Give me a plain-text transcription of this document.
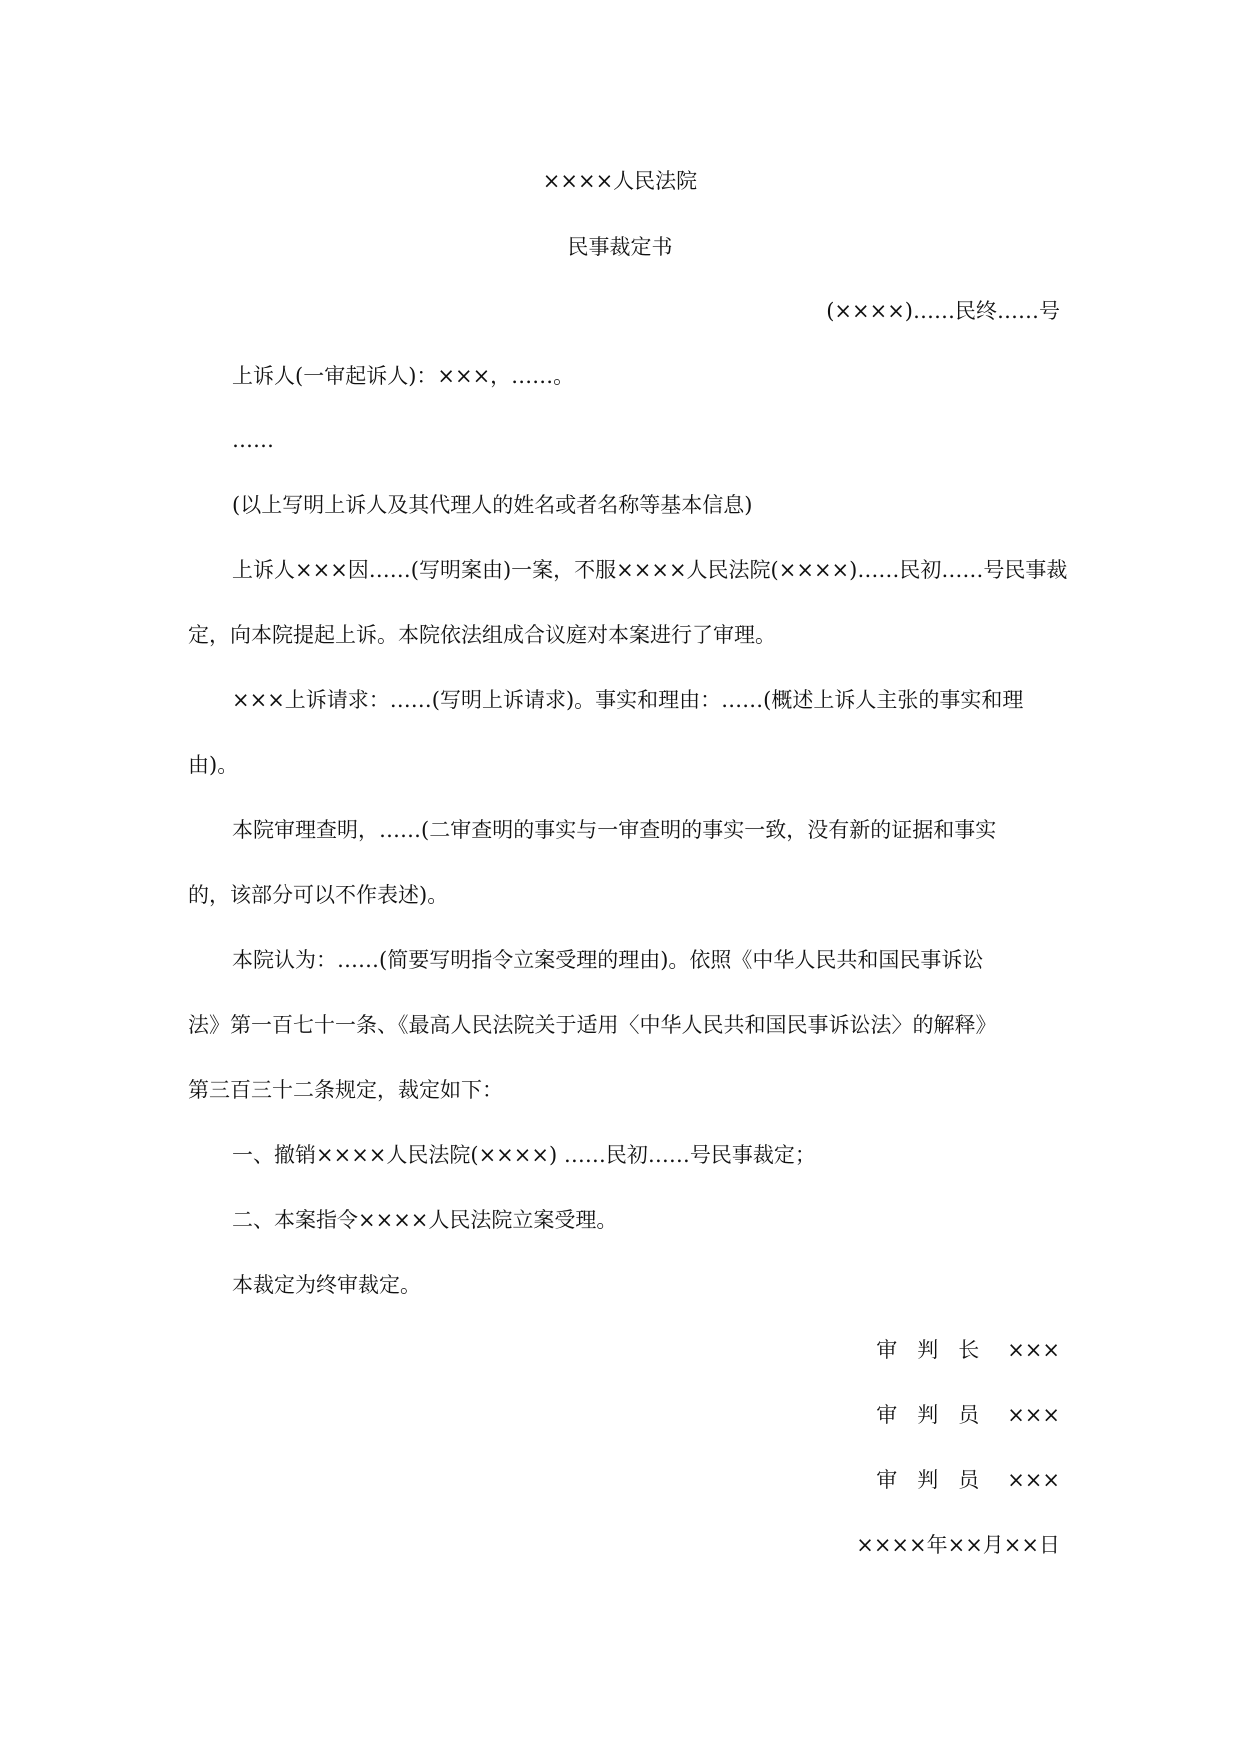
××××人民法院
民事裁定书
(××××)……民终……号
上诉人(一审起诉人)：×××，……。
……
(以上写明上诉人及其代理人的姓名或者名称等基本信息)
上诉人×××因……(写明案由)一案，不服××××人民法院(××××)……民初……号民事裁
定，向本院提起上诉。本院依法组成合议庭对本案进行了审理。
×××上诉请求：……(写明上诉请求)。事实和理由：……(概述上诉人主张的事实和理
由)。
本院审理查明，……(二审查明的事实与一审查明的事实一致，没有新的证据和事实
的，该部分可以不作表述)。
本院认为：……(简要写明指令立案受理的理由)。依照《中华人民共和国民事诉讼
法》第一百七十一条、《最高人民法院关于适用〈中华人民共和国民事诉讼法〉的解释》
第三百三十二条规定，裁定如下：
一、撤销××××人民法院(××××) ……民初……号民事裁定；
二、本案指令××××人民法院立案受理。
本裁定为终审裁定。
审判长 ×××
审判员 ×××
审判员 ×××
××××年××月××日
